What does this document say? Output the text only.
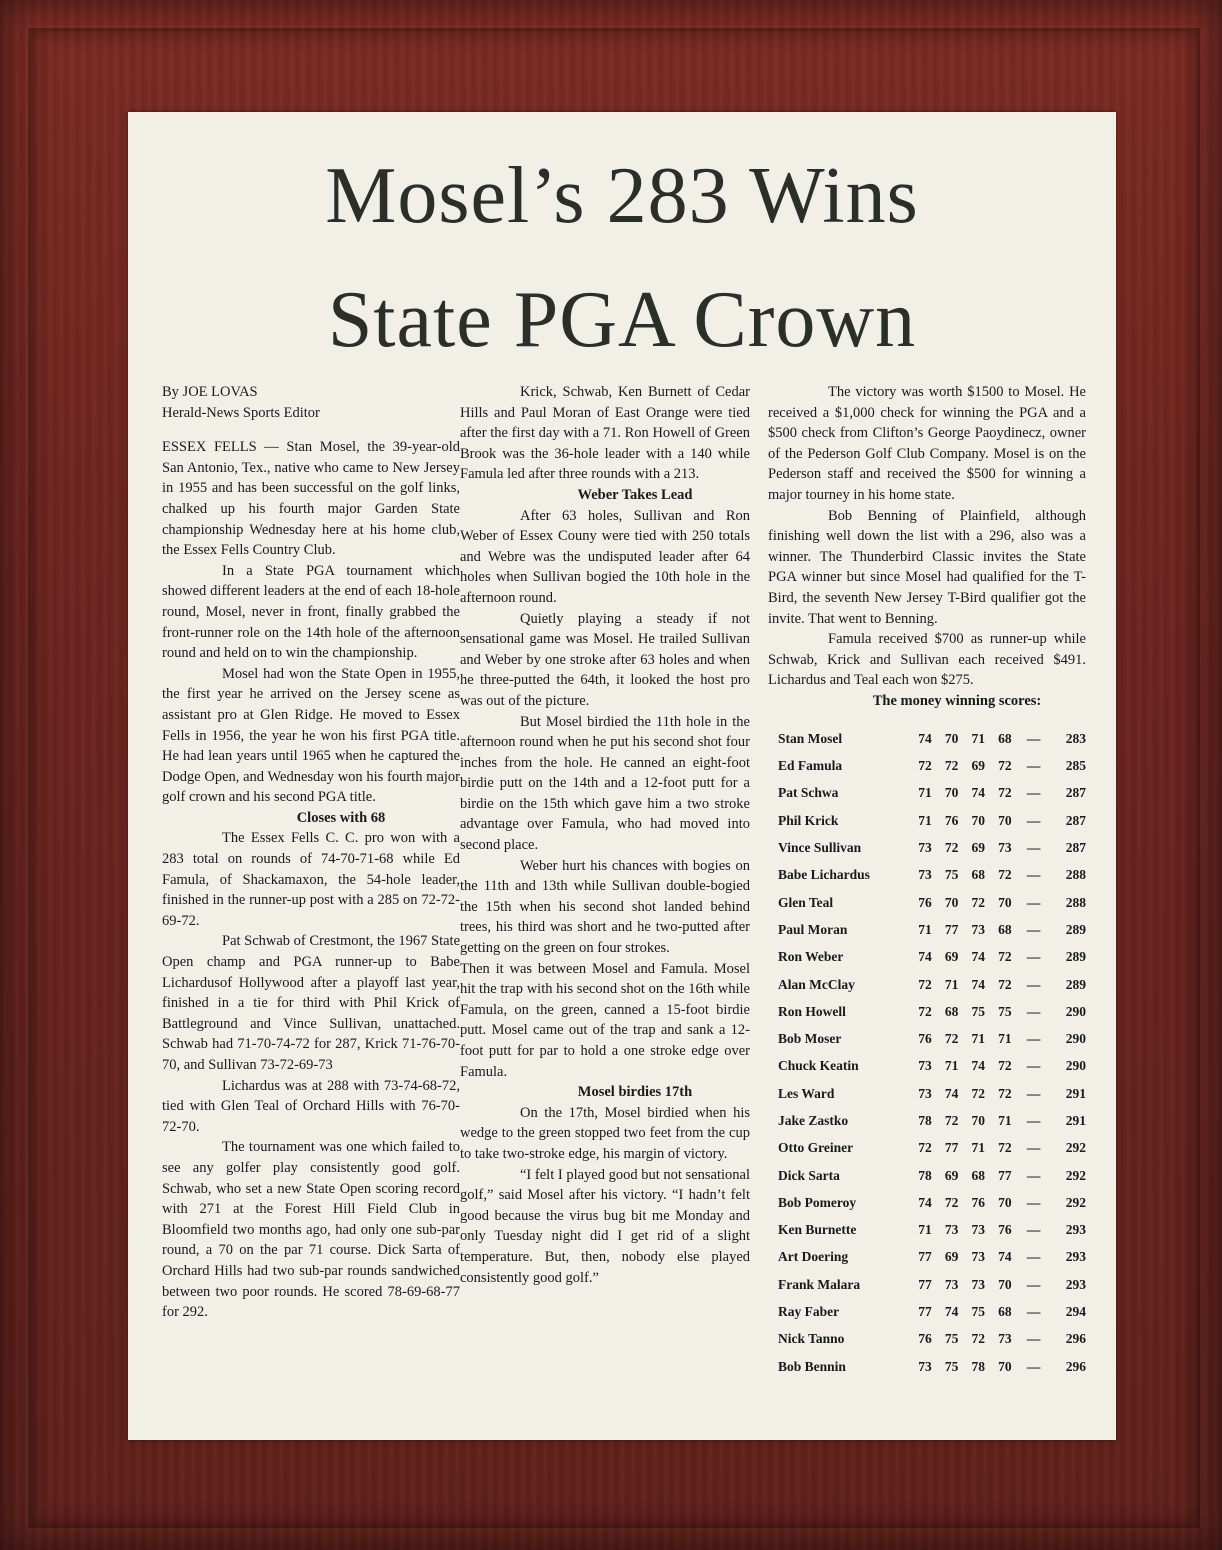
Mosel’s 283 Wins
State PGA Crown
By JOE LOVAS
Herald-News Sports Editor

ESSEX FELLS — Stan Mosel, the 39-year-old San Antonio, Tex., native who came to New Jersey in 1955 and has been successful on the golf links, chalked up his fourth major Garden State championship Wednesday here at his home club, the Essex Fells Country Club.

In a State PGA tournament which showed different leaders at the end of each 18-hole round, Mosel, never in front, finally grabbed the front-runner role on the 14th hole of the afternoon round and held on to win the championship.

Mosel had won the State Open in 1955, the first year he arrived on the Jersey scene as assistant pro at Glen Ridge. He moved to Essex Fells in 1956, the year he won his first PGA title. He had lean years until 1965 when he captured the Dodge Open, and Wednesday won his fourth major golf crown and his second PGA title.

Closes with 68

The Essex Fells C. C. pro won with a 283 total on rounds of 74-70-71-68 while Ed Famula, of Shackamaxon, the 54-hole leader, finished in the runner-up post with a 285 on 72-72-69-72.

Pat Schwab of Crestmont, the 1967 State Open champ and PGA runner-up to Babe Lichardusof Hollywood after a playoff last year, finished in a tie for third with Phil Krick of Battleground and Vince Sullivan, unattached. Schwab had 71-70-74-72 for 287, Krick 71-76-70-70, and Sullivan 73-72-69-73

Lichardus was at 288 with 73-74-68-72, tied with Glen Teal of Orchard Hills with 76-70-72-70.

The tournament was one which failed to see any golfer play consistently good golf. Schwab, who set a new State Open scoring record with 271 at the Forest Hill Field Club in Bloomfield two months ago, had only one sub-par round, a 70 on the par 71 course. Dick Sarta of Orchard Hills had two sub-par rounds sandwiched between two poor rounds. He scored 78-69-68-77 for 292.

Krick, Schwab, Ken Burnett of Cedar Hills and Paul Moran of East Orange were tied after the first day with a 71. Ron Howell of Green Brook was the 36-hole leader with a 140 while Famula led after three rounds with a 213.

Weber Takes Lead

After 63 holes, Sullivan and Ron Weber of Essex Couny were tied with 250 totals and Webre was the undisputed leader after 64 holes when Sullivan bogied the 10th hole in the afternoon round.

Quietly playing a steady if not sensational game was Mosel. He trailed Sullivan and Weber by one stroke after 63 holes and when he three-putted the 64th, it looked the host pro was out of the picture.

But Mosel birdied the 11th hole in the afternoon round when he put his second shot four inches from the hole. He canned an eight-foot birdie putt on the 14th and a 12-foot putt for a birdie on the 15th which gave him a two stroke advantage over Famula, who had moved into second place.

Weber hurt his chances with bogies on the 11th and 13th while Sullivan double-bogied the 15th when his second shot landed behind trees, his third was short and he two-putted after getting on the green on four strokes.

Then it was between Mosel and Famula. Mosel hit the trap with his second shot on the 16th while Famula, on the green, canned a 15-foot birdie putt. Mosel came out of the trap and sank a 12-foot putt for par to hold a one stroke edge over Famula.

Mosel birdies 17th

On the 17th, Mosel birdied when his wedge to the green stopped two feet from the cup to take two-stroke edge, his margin of victory.

“I felt I played good but not sensational golf,” said Mosel after his victory. “I hadn’t felt good because the virus bug bit me Monday and only Tuesday night did I get rid of a slight temperature. But, then, nobody else played consistently good golf.”

The victory was worth $1500 to Mosel. He received a $1,000 check for winning the PGA and a $500 check from Clifton’s George Paoydinecz, owner of the Pederson Golf Club Company. Mosel is on the Pederson staff and received the $500 for winning a major tourney in his home state.

Bob Benning of Plainfield, although finishing well down the list with a 296, also was a winner. The Thunderbird Classic invites the State PGA winner but since Mosel had qualified for the T-Bird, the seventh New Jersey T-Bird qualifier got the invite. That went to Benning.

Famula received $700 as runner-up while Schwab, Krick and Sullivan each received $491. Lichardus and Teal each won $275.

The money winning scores:

Stan Mosel	74	70	71	68	—	283
Ed Famula	72	72	69	72	—	285
Pat Schwa	71	70	74	72	—	287
Phil Krick	71	76	70	70	—	287
Vince Sullivan	73	72	69	73	—	287
Babe Lichardus	73	75	68	72	—	288
Glen Teal	76	70	72	70	—	288
Paul Moran	71	77	73	68	—	289
Ron Weber	74	69	74	72	—	289
Alan McClay	72	71	74	72	—	289
Ron Howell	72	68	75	75	—	290
Bob Moser	76	72	71	71	—	290
Chuck Keatin	73	71	74	72	—	290
Les Ward	73	74	72	72	—	291
Jake Zastko	78	72	70	71	—	291
Otto Greiner	72	77	71	72	—	292
Dick Sarta	78	69	68	77	—	292
Bob Pomeroy	74	72	76	70	—	292
Ken Burnette	71	73	73	76	—	293
Art Doering	77	69	73	74	—	293
Frank Malara	77	73	73	70	—	293
Ray Faber	77	74	75	68	—	294
Nick Tanno	76	75	72	73	—	296
Bob Bennin	73	75	78	70	—	296
